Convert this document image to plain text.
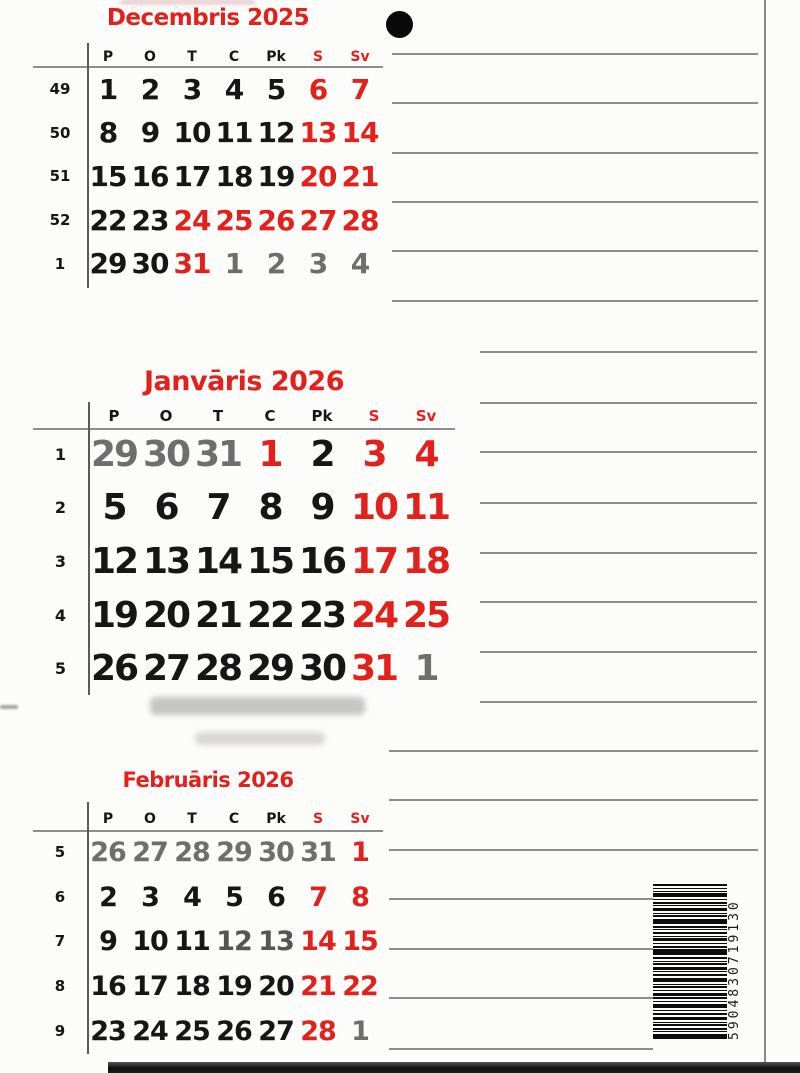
Decembris 2025
P	O	T	C	Pk	S	Sv
49	1 2 3 4 5 6 7
50	8 9 10 11 12 13 14
51 15 16 17 18 19 20 21
52 22 23 24 25 26 27 28
1 29 30 31 1 2 3 4
Janvāris 2026
P	O	T	C	Pk	S	Sv
1 29 30 31 1 2 3 4
2	5 6 7 8 9 10 11
3 12 13 14 15 16 17 18
4 19 20 21 22 23 24 25
5 26 27 28 29 30 31 1
Februāris 2026
P	O	T	C	Pk	S	Sv
5 26 27 28 29 30 31 1
6	2 3 4 5 6 7 8
7	9 10 11 12 13 14 15
8 16 17 18 19 20 21 22
9 23 24 25 26 27 28 1	5904830719130
